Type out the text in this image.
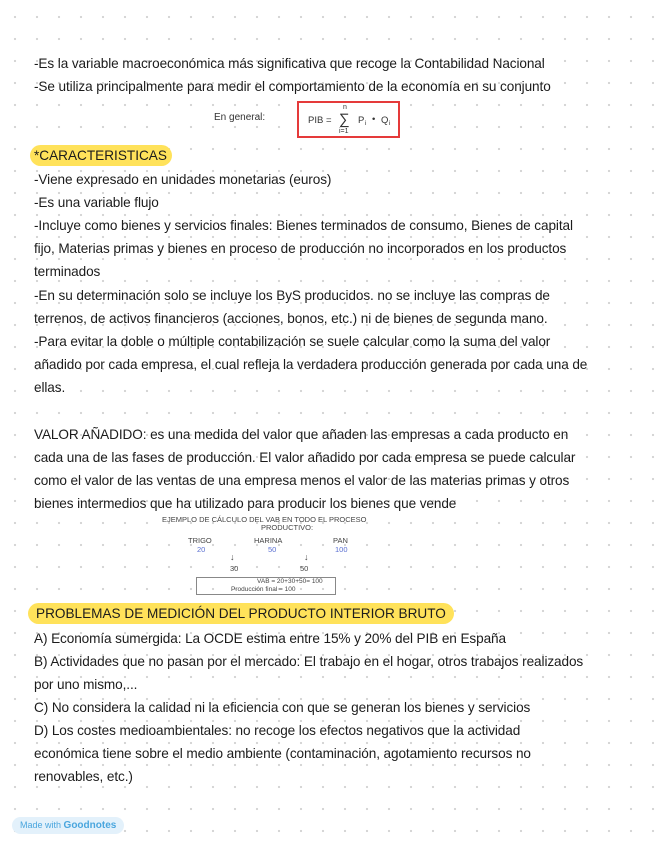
-Es la variable macroeconómica más significativa que recoge la Contabilidad Nacional
-Se utiliza principalmente para medir el comportamiento de la economía en su conjunto
En general:	PIB =
n
∑
i=1
P i • Q i
*CARACTERISTICAS
-Viene expresado en unidades monetarias (euros)
-Es una variable flujo
-Incluye como bienes y servicios finales: Bienes terminados de consumo, Bienes de capital
fijo, Materias primas y bienes en proceso de producción no incorporados en los productos
terminados
-En su determinación solo se incluye los ByS producidos. no se incluye las compras de
terrenos, de activos financieros (acciones, bonos, etc.) ni de bienes de segunda mano.
-Para evitar la doble o múltiple contabilización se suele calcular como la suma del valor
añadido por cada empresa, el cual refleja la verdadera producción generada por cada una de
ellas.
VALOR AÑADIDO: es una medida del valor que añaden las empresas a cada producto en
cada una de las fases de producción. El valor añadido por cada empresa se puede calcular
como el valor de las ventas de una empresa menos el valor de las materias primas y otros
bienes intermedios que ha utilizado para producir los bienes que vende
EJEMPLO DE CÁLCULO DEL VAB EN TODO EL PROCESO
PRODUCTIVO:
TRIGO	HARINA	PAN
20	50	100
↓	↓
30	50
VAB = 20+30+50= 100
Producción final = 100
PROBLEMAS DE MEDICIÓN DEL PRODUCTO INTERIOR BRUTO
A) Economía sumergida: La OCDE estima entre 15% y 20% del PIB en España
B) Actividades que no pasan por el mercado: El trabajo en el hogar, otros trabajos realizados
por uno mismo,...
C) No considera la calidad ni la eficiencia con que se generan los bienes y servicios
D) Los costes medioambientales: no recoge los efectos negativos que la actividad
económica tiene sobre el medio ambiente (contaminación, agotamiento recursos no
renovables, etc.)
Made with Goodnotes
